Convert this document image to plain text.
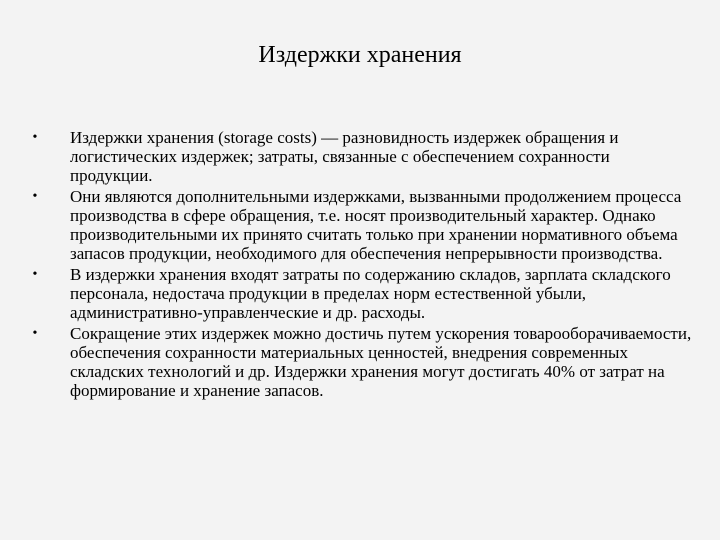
Издержки хранения
•	Издержки хранения (storage costs) — разновидность издержек обращения и логистических издержек; затраты, связанные с обеспечением сохранности продукции.
•	Они являются дополнительными издержками, вызванными продолжением процесса производства в сфере обращения, т.е. носят производительный характер. Однако производительными их принято считать только при хранении нормативного объема запасов продукции, необходимого для обеспечения непрерывности производства.
•	В издержки хранения входят затраты по содержанию складов, зарплата складского персонала, недостача продукции в пределах норм естественной убыли, административно-управленческие и др. расходы.
•	Сокращение этих издержек можно достичь путем ускорения товарооборачиваемости, обеспечения сохранности материальных ценностей, внедрения современных складских технологий и др. Издержки хранения могут достигать 40% от затрат на формирование и хранение запасов.
